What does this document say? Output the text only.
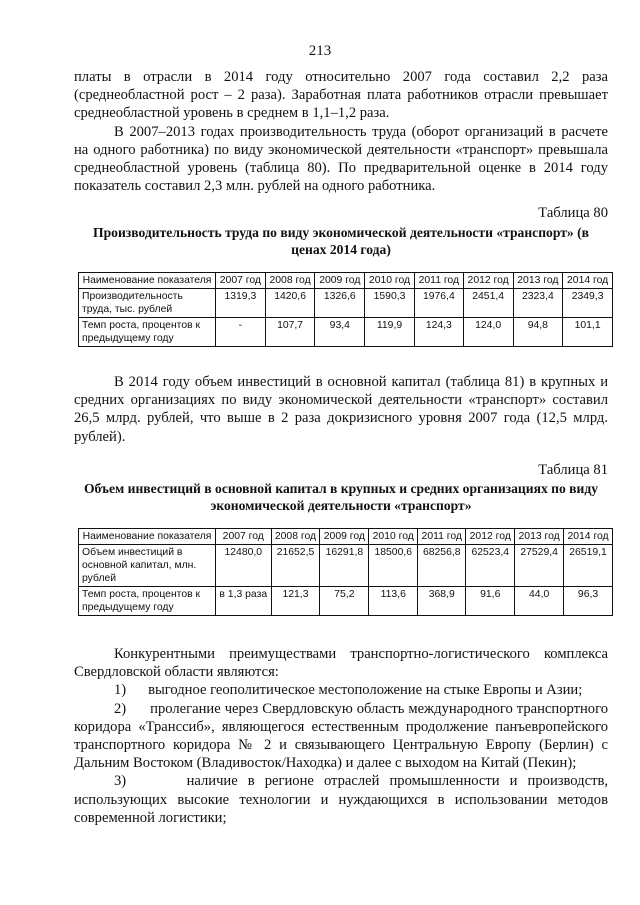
213

платы в отрасли в 2014 году относительно 2007 года составил 2,2 раза (среднеобластной рост – 2 раза). Заработная плата работников отрасли превышает среднеобластной уровень в среднем в 1,1–1,2 раза.

В 2007–2013 годах производительность труда (оборот организаций в расчете на одного работника) по виду экономической деятельности «транспорт» превышала среднеобластной уровень (таблица 80). По предварительной оценке в 2014 году показатель составил 2,3 млн. рублей на одного работника.

Таблица 80
Производительность труда по виду экономической деятельности «транспорт» (в ценах 2014 года)
Наименование показателя	2007 год	2008 год	2009 год	2010 год	2011 год	2012 год	2013 год	2014 год
Производительность труда, тыс. рублей	1319,3	1420,6	1326,6	1590,3	1976,4	2451,4	2323,4	2349,3
Темп роста, процентов к предыдущему году	-	107,7	93,4	119,9	124,3	124,0	94,8	101,1

В 2014 году объем инвестиций в основной капитал (таблица 81) в крупных и средних организациях по виду экономической деятельности «транспорт» составил 26,5 млрд. рублей, что выше в 2 раза докризисного уровня 2007 года (12,5 млрд. рублей).

Таблица 81
Объем инвестиций в основной капитал в крупных и средних организациях по виду экономической деятельности «транспорт»
Наименование показателя	2007 год	2008 год	2009 год	2010 год	2011 год	2012 год	2013 год	2014 год
Объем инвестиций в основной капитал, млн. рублей	12480,0	21652,5	16291,8	18500,6	68256,8	62523,4	27529,4	26519,1
Темп роста, процентов к предыдущему году	в 1,3 раза	121,3	75,2	113,6	368,9	91,6	44,0	96,3

Конкурентными преимуществами транспортно-логистического комплекса Свердловской области являются:

1) выгодное геополитическое местоположение на стыке Европы и Азии;

2) пролегание через Свердловскую область международного транспортного коридора «Транссиб», являющегося естественным продолжение панъевропейского транспортного коридора № 2 и связывающего Центральную Европу (Берлин) с Дальним Востоком (Владивосток/Находка) и далее с выходом на Китай (Пекин);

3)	наличие в регионе отраслей промышленности и производств, использующих высокие технологии и нуждающихся в использовании методов современной логистики;
